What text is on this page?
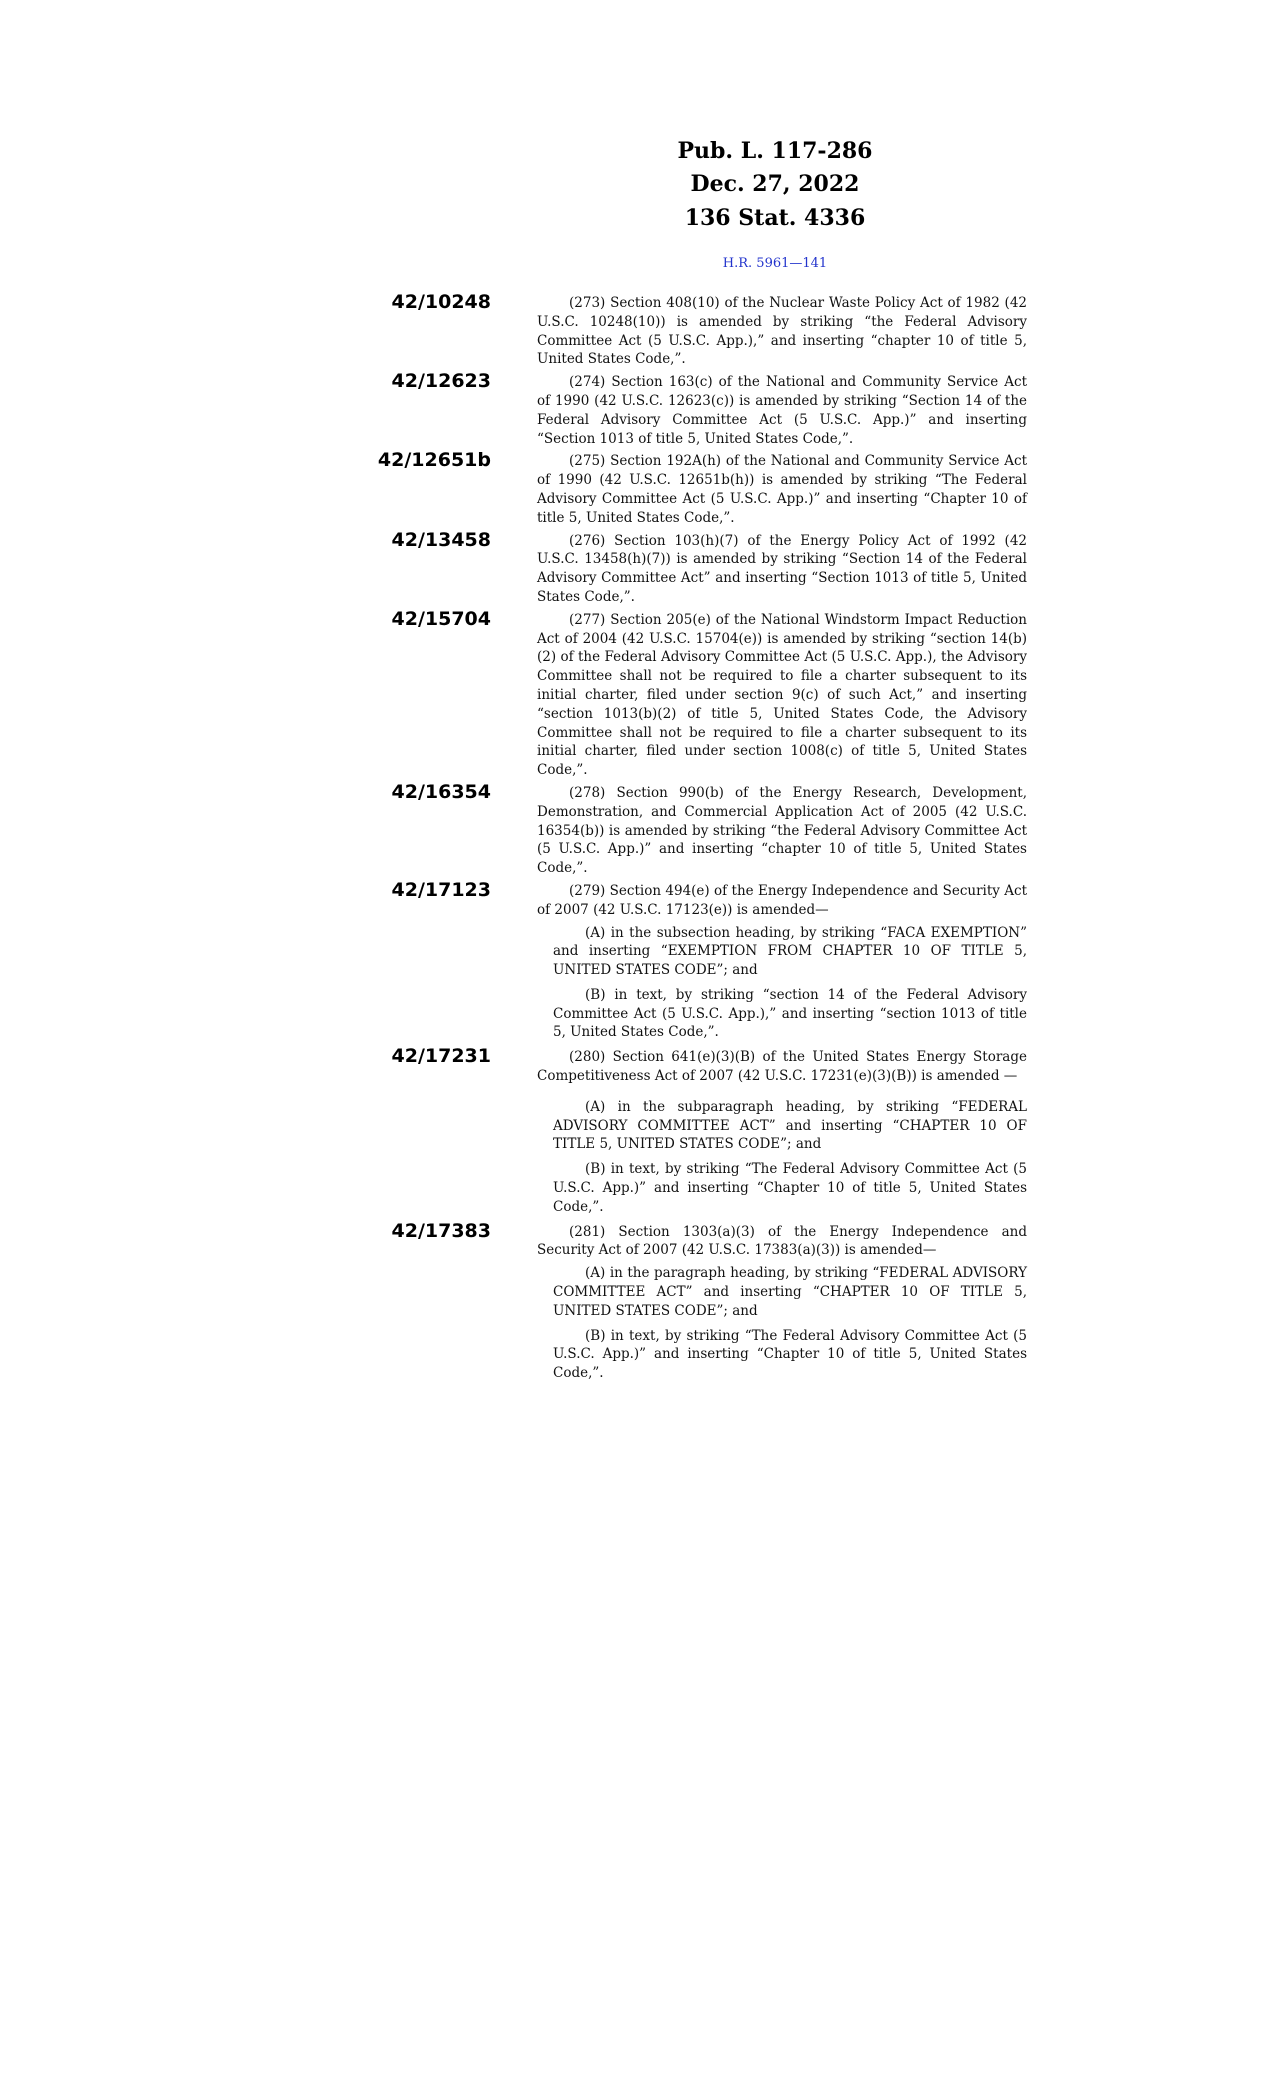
Pub. L. 117-286
Dec. 27, 2022
136 Stat. 4336
H.R. 5961—141
42/10248	(273) Section 408(10) of the Nuclear Waste Policy Act of 1982 (42 U.S.C. 10248(10)) is amended by striking “the Federal Advisory Committee Act (5 U.S.C. App.),” and inserting “chapter 10 of title 5, United States Code,”.
42/12623	(274) Section 163(c) of the National and Community Service Act of 1990 (42 U.S.C. 12623(c)) is amended by striking “Section 14 of the Federal Advisory Committee Act (5 U.S.C. App.)” and inserting “Section 1013 of title 5, United States Code,”.
42/12651b	(275) Section 192A(h) of the National and Community Service Act of 1990 (42 U.S.C. 12651b(h)) is amended by striking “The Federal Advisory Committee Act (5 U.S.C. App.)” and inserting “Chapter 10 of title 5, United States Code,”.
42/13458	(276) Section 103(h)(7) of the Energy Policy Act of 1992 (42 U.S.C. 13458(h)(7)) is amended by striking “Section 14 of the Federal Advisory Committee Act” and inserting “Section 1013 of title 5, United States Code,”.
42/15704	(277) Section 205(e) of the National Windstorm Impact Reduction Act of 2004 (42 U.S.C. 15704(e)) is amended by striking “section 14(b)(2) of the Federal Advisory Committee Act (5 U.S.C. App.), the Advisory Committee shall not be required to file a charter subsequent to its initial charter, filed under section 9(c) of such Act,” and inserting “section 1013(b)(2) of title 5, United States Code, the Advisory Committee shall not be required to file a charter subsequent to its initial charter, filed under section 1008(c) of title 5, United States Code,”.
42/16354	(278) Section 990(b) of the Energy Research, Development, Demonstration, and Commercial Application Act of 2005 (42 U.S.C. 16354(b)) is amended by striking “the Federal Advisory Committee Act (5 U.S.C. App.)” and inserting “chapter 10 of title 5, United States Code,”.
42/17123	(279) Section 494(e) of the Energy Independence and Security Act of 2007 (42 U.S.C. 17123(e)) is amended—
(A) in the subsection heading, by striking “FACA EXEMPTION” and inserting “EXEMPTION FROM CHAPTER 10 OF TITLE 5, UNITED STATES CODE”; and
(B) in text, by striking “section 14 of the Federal Advisory Committee Act (5 U.S.C. App.),” and inserting “section 1013 of title 5, United States Code,”.
42/17231	(280) Section 641(e)(3)(B) of the United States Energy Storage Competitiveness Act of 2007 (42 U.S.C. 17231(e)(3)(B)) is amended —
(A) in the subparagraph heading, by striking “FEDERAL ADVISORY COMMITTEE ACT” and inserting “CHAPTER 10 OF TITLE 5, UNITED STATES CODE”; and
(B) in text, by striking “The Federal Advisory Committee Act (5 U.S.C. App.)” and inserting “Chapter 10 of title 5, United States Code,”.
42/17383	(281) Section 1303(a)(3) of the Energy Independence and Security Act of 2007 (42 U.S.C. 17383(a)(3)) is amended—
(A) in the paragraph heading, by striking “FEDERAL ADVISORY COMMITTEE ACT” and inserting “CHAPTER 10 OF TITLE 5, UNITED STATES CODE”; and
(B) in text, by striking “The Federal Advisory Committee Act (5 U.S.C. App.)” and inserting “Chapter 10 of title 5, United States Code,”.
